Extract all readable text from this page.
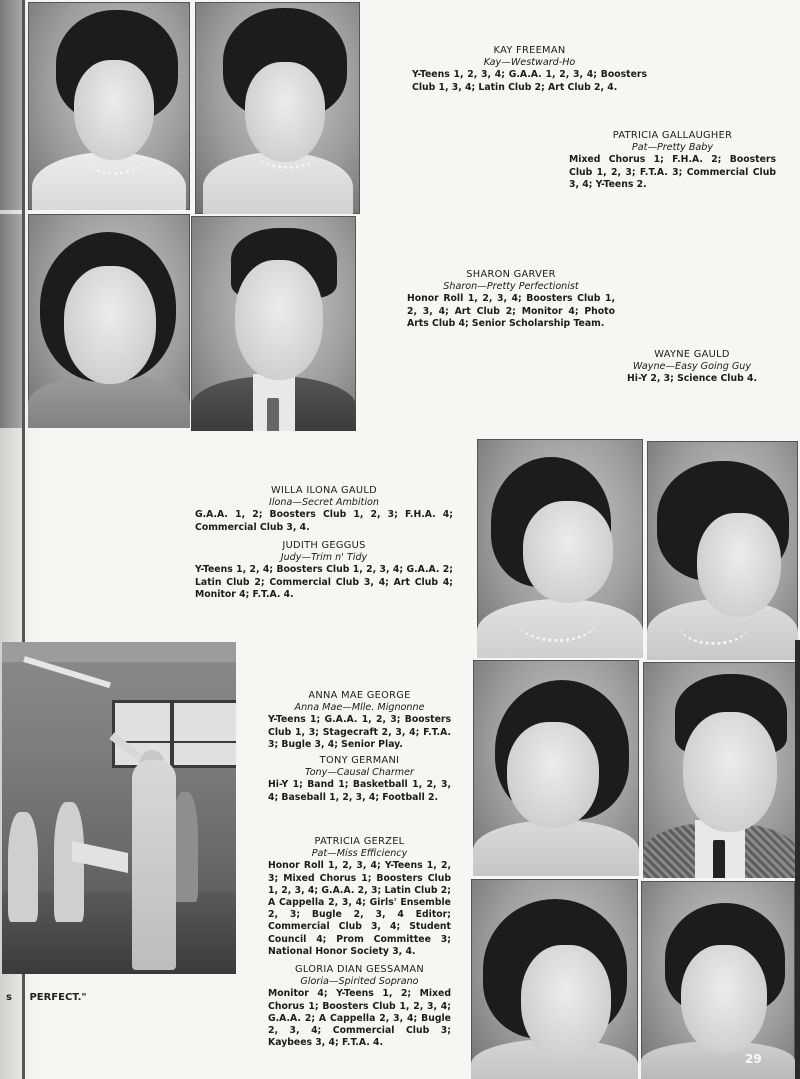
KAY FREEMAN
Kay—Westward-Ho
Y-Teens 1, 2, 3, 4; G.A.A. 1, 2, 3, 4; Boosters Club 1, 3, 4; Latin Club 2; Art Club 2, 4.
PATRICIA GALLAUGHER
Pat—Pretty Baby
Mixed Chorus 1; F.H.A. 2; Boosters Club 1, 2, 3; F.T.A. 3; Commercial Club 3, 4; Y-Teens 2.
SHARON GARVER
Sharon—Pretty Perfectionist
Honor Roll 1, 2, 3, 4; Boosters Club 1, 2, 3, 4; Art Club 2; Monitor 4; Photo Arts Club 4; Senior Scholarship Team.
WAYNE GAULD
Wayne—Easy Going Guy
Hi-Y 2, 3; Science Club 4.
WILLA ILONA GAULD
Ilona—Secret Ambition
G.A.A. 1, 2; Boosters Club 1, 2, 3; F.H.A. 4; Commercial Club 3, 4.
JUDITH GEGGUS
Judy—Trim n' Tidy
Y-Teens 1, 2, 4; Boosters Club 1, 2, 3, 4; G.A.A. 2; Latin Club 2; Commercial Club 3, 4; Art Club 4; Monitor 4; F.T.A. 4.
ANNA MAE GEORGE
Anna Mae—Mlle. Mignonne
Y-Teens 1; G.A.A. 1, 2, 3; Boosters Club 1, 3; Stagecraft 2, 3, 4; F.T.A. 3; Bugle 3, 4; Senior Play.
TONY GERMANI
Tony—Causal Charmer
Hi-Y 1; Band 1; Basketball 1, 2, 3, 4; Baseball 1, 2, 3, 4; Football 2.
PATRICIA GERZEL
Pat—Miss Efficiency
Honor Roll 1, 2, 3, 4; Y-Teens 1, 2, 3; Mixed Chorus 1; Boosters Club 1, 2, 3, 4; G.A.A. 2, 3; Latin Club 2; A Cappella 2, 3, 4; Girls' Ensemble 2, 3; Bugle 2, 3, 4 Editor; Commercial Club 3, 4; Student Council 4; Prom Committee 3; National Honor Society 3, 4.
GLORIA DIAN GESSAMAN
Gloria—Spirited Soprano
Monitor 4; Y-Teens 1, 2; Mixed Chorus 1; Boosters Club 1, 2, 3, 4; G.A.A. 2; A Cappella 2, 3, 4; Bugle 2, 3, 4; Commercial Club 3; Kaybees 3, 4; F.T.A. 4.
s PERFECT."
29
